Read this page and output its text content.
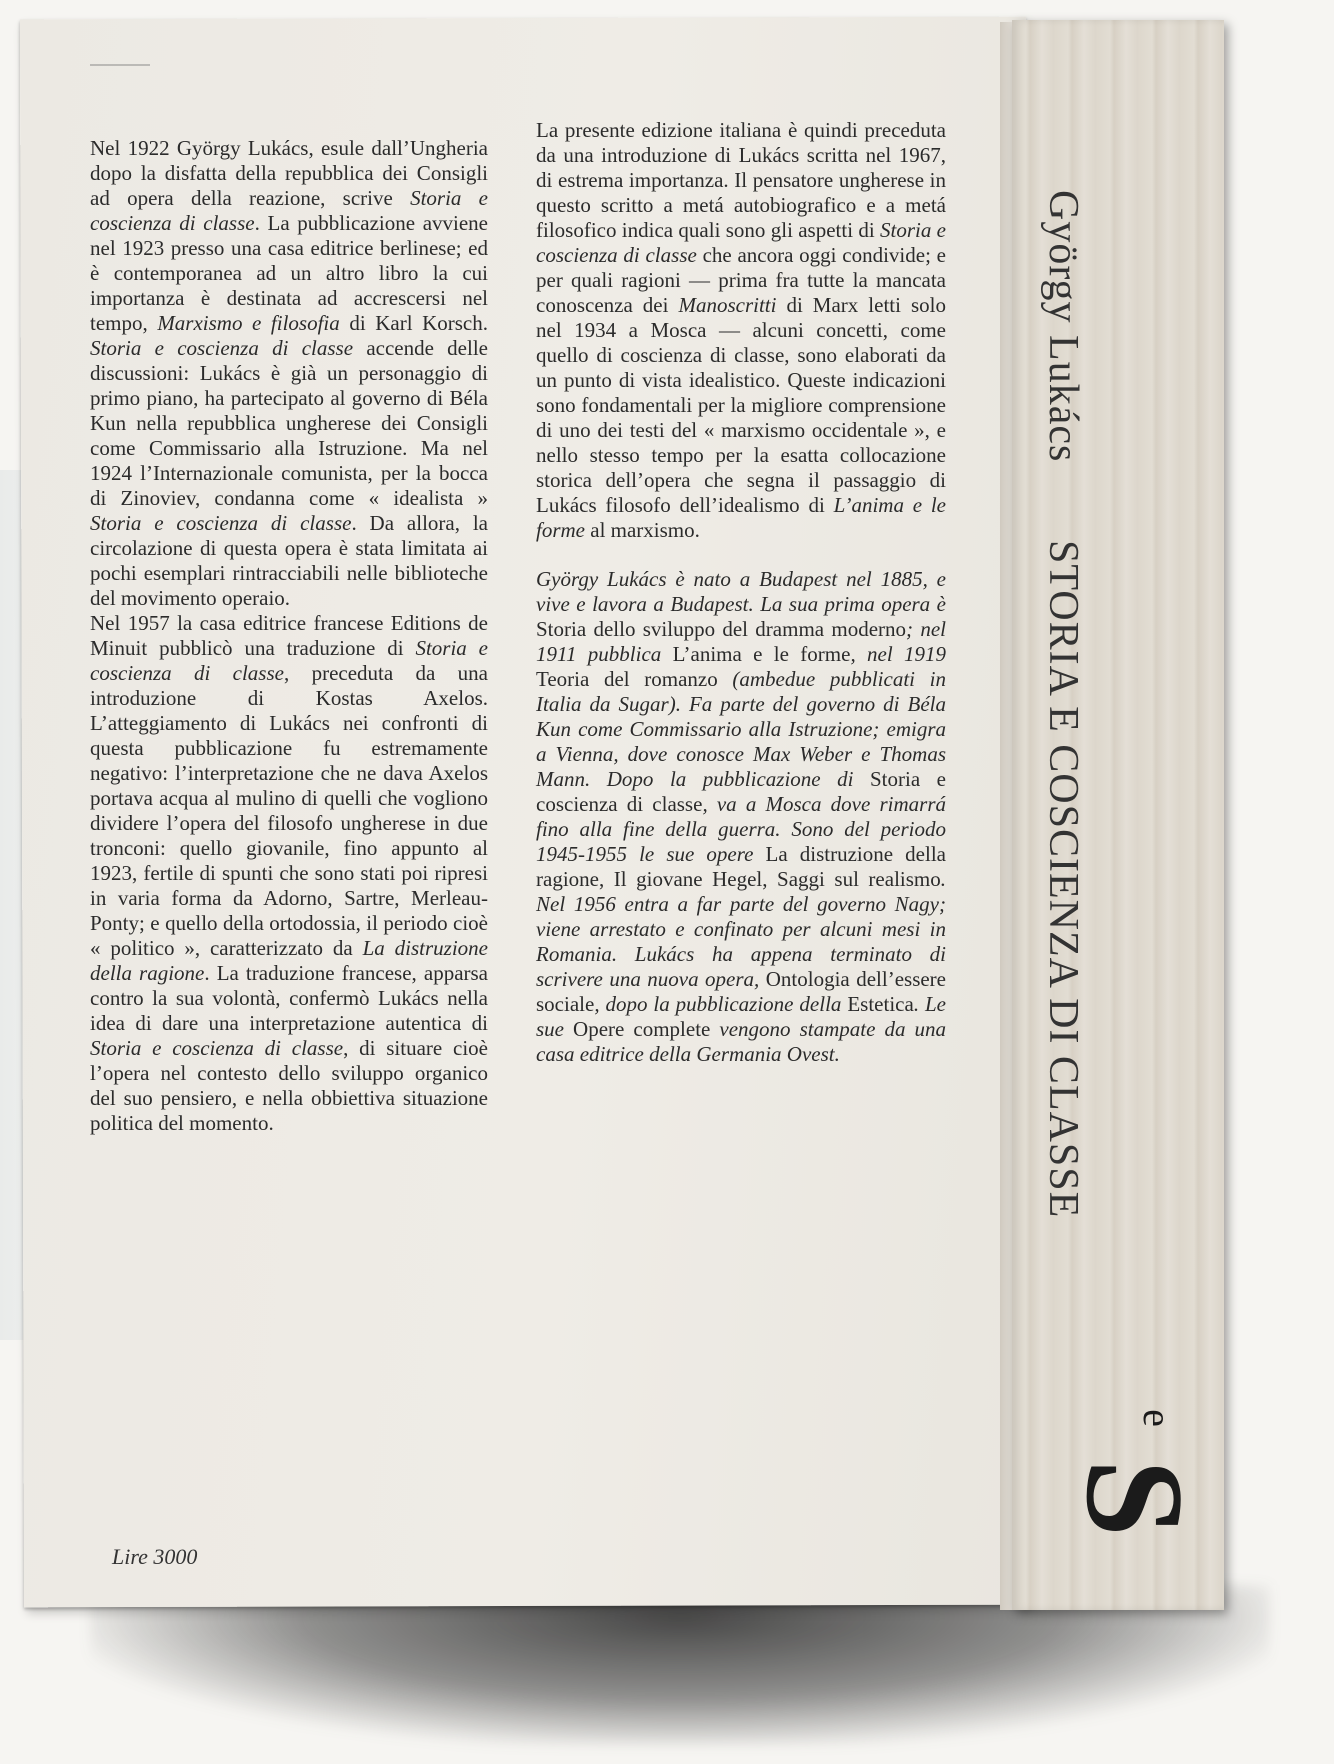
György Lukács
STORIA E COSCIENZA DI CLASSE
S
e

Nel 1922 György Lukács, esule dall’Ungheria dopo la disfatta della repubblica dei Consigli ad opera della reazione, scrive Storia e coscienza di classe. La pubblicazione avviene nel 1923 presso una casa editrice berlinese; ed è contemporanea ad un altro libro la cui importanza è destinata ad accrescersi nel tempo, Marxismo e filosofia di Karl Korsch. Storia e coscienza di classe accende delle discussioni: Lukács è già un personaggio di primo piano, ha partecipato al governo di Béla Kun nella repubblica ungherese dei Consigli come Commissario alla Istruzione. Ma nel 1924 l’Internazionale comunista, per la bocca di Zinoviev, condanna come « idealista » Storia e coscienza di classe. Da allora, la circolazione di questa opera è stata limitata ai pochi esemplari rintracciabili nelle biblioteche del movimento operaio.
Nel 1957 la casa editrice francese Editions de Minuit pubblicò una traduzione di Storia e coscienza di classe, preceduta da una introduzione di Kostas Axelos. L’atteggiamento di Lukács nei confronti di questa pubblicazione fu estremamente negativo: l’interpretazione che ne dava Axelos portava acqua al mulino di quelli che vogliono dividere l’opera del filosofo ungherese in due tronconi: quello giovanile, fino appunto al 1923, fertile di spunti che sono stati poi ripresi in varia forma da Adorno, Sartre, Merleau-Ponty; e quello della ortodossia, il periodo cioè « politico », caratterizzato da La distruzione della ragione. La traduzione francese, apparsa contro la sua volontà, confermò Lukács nella idea di dare una interpretazione autentica di Storia e coscienza di classe, di situare cioè l’opera nel contesto dello sviluppo organico del suo pensiero, e nella obbiettiva situazione politica del momento.

La presente edizione italiana è quindi preceduta da una introduzione di Lukács scritta nel 1967, di estrema importanza. Il pensatore ungherese in questo scritto a metá autobiografico e a metá filosofico indica quali sono gli aspetti di Storia e coscienza di classe che ancora oggi condivide; e per quali ragioni — prima fra tutte la mancata conoscenza dei Manoscritti di Marx letti solo nel 1934 a Mosca — alcuni concetti, come quello di coscienza di classe, sono elaborati da un punto di vista idealistico. Queste indicazioni sono fondamentali per la migliore comprensione di uno dei testi del « marxismo occidentale », e nello stesso tempo per la esatta collocazione storica dell’opera che segna il passaggio di Lukács filosofo dell’idealismo di L’anima e le forme al marxismo.

György Lukács è nato a Budapest nel 1885, e vive e lavora a Budapest. La sua prima opera è Storia dello sviluppo del dramma moderno; nel 1911 pubblica L’anima e le forme, nel 1919 Teoria del romanzo (ambedue pubblicati in Italia da Sugar). Fa parte del governo di Béla Kun come Commissario alla Istruzione; emigra a Vienna, dove conosce Max Weber e Thomas Mann. Dopo la pubblicazione di Storia e coscienza di classe, va a Mosca dove rimarrá fino alla fine della guerra. Sono del periodo 1945-1955 le sue opere La distruzione della ragione, Il giovane Hegel, Saggi sul realismo. Nel 1956 entra a far parte del governo Nagy; viene arrestato e confinato per alcuni mesi in Romania. Lukács ha appena terminato di scrivere una nuova opera, Ontologia dell’essere sociale, dopo la pubblicazione della Estetica. Le sue Opere complete vengono stampate da una casa editrice della Germania Ovest.

Lire 3000
